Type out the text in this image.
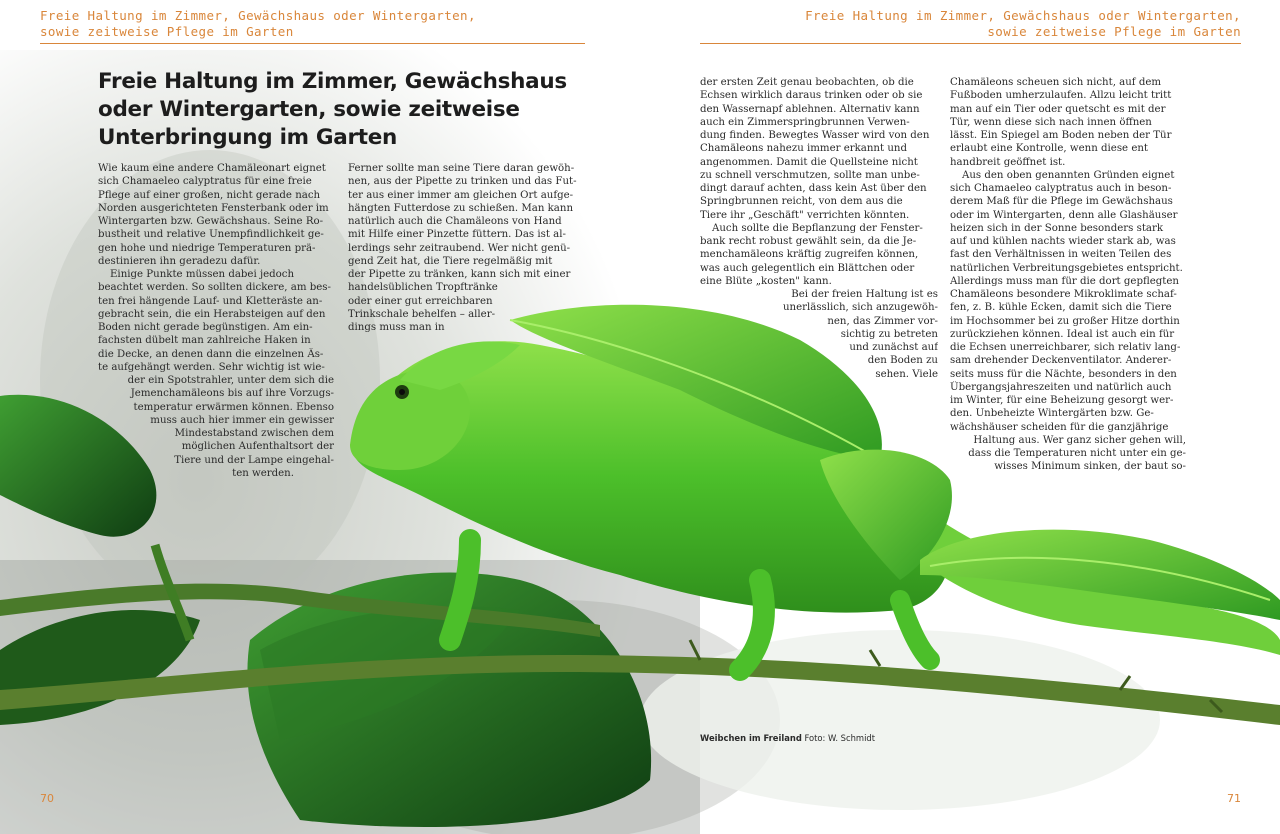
Freie Haltung im Zimmer, Gewächshaus oder Wintergarten,
sowie zeitweise Pflege im Garten
Freie Haltung im Zimmer, Gewächshaus oder Wintergarten,
sowie zeitweise Pflege im Garten
Freie Haltung im Zimmer, Gewächshaus
oder Wintergarten, sowie zeitweise
Unterbringung im Garten
Wie kaum eine andere Chamäleonart eignet
sich Chamaeleo calyptratus für eine freie
Pflege auf einer großen, nicht gerade nach
Norden ausgerichteten Fensterbank oder im
Wintergarten bzw. Gewächshaus. Seine Ro-
bustheit und relative Unempfindlichkeit ge-
gen hohe und niedrige Temperaturen prä-
destinieren ihn geradezu dafür.
Einige Punkte müssen dabei jedoch
beachtet werden. So sollten dickere, am bes-
ten frei hängende Lauf- und Kletteräste an-
gebracht sein, die ein Herabsteigen auf den
Boden nicht gerade begünstigen. Am ein-
fachsten dübelt man zahlreiche Haken in
die Decke, an denen dann die einzelnen Äs-
te aufgehängt werden. Sehr wichtig ist wie-
der ein Spotstrahler, unter dem sich die
Jemenchamäleons bis auf ihre Vorzugs-
temperatur erwärmen können. Ebenso
muss auch hier immer ein gewisser
Mindestabstand zwischen dem
möglichen Aufenthaltsort der
Tiere und der Lampe eingehal-
ten werden.
Ferner sollte man seine Tiere daran gewöh-
nen, aus der Pipette zu trinken und das Fut-
ter aus einer immer am gleichen Ort aufge-
hängten Futterdose zu schießen. Man kann
natürlich auch die Chamäleons von Hand
mit Hilfe einer Pinzette füttern. Das ist al-
lerdings sehr zeitraubend. Wer nicht genü-
gend Zeit hat, die Tiere regelmäßig mit
der Pipette zu tränken, kann sich mit einer
handelsüblichen Tropftränke
oder einer gut erreichbaren
Trinkschale behelfen – aller-
dings muss man in
der ersten Zeit genau beobachten, ob die
Echsen wirklich daraus trinken oder ob sie
den Wassernapf ablehnen. Alternativ kann
auch ein Zimmerspringbrunnen Verwen-
dung finden. Bewegtes Wasser wird von den
Chamäleons nahezu immer erkannt und
angenommen. Damit die Quellsteine nicht
zu schnell verschmutzen, sollte man unbe-
dingt darauf achten, dass kein Ast über den
Springbrunnen reicht, von dem aus die
Tiere ihr „Geschäft" verrichten könnten.
Auch sollte die Bepflanzung der Fenster-
bank recht robust gewählt sein, da die Je-
menchamäleons kräftig zugreifen können,
was auch gelegentlich ein Blättchen oder
eine Blüte „kosten" kann.
Bei der freien Haltung ist es
unerlässlich, sich anzugewöh-
nen, das Zimmer vor-
sichtig zu betreten
und zunächst auf
den Boden zu
sehen. Viele
Chamäleons scheuen sich nicht, auf dem
Fußboden umherzulaufen. Allzu leicht tritt
man auf ein Tier oder quetscht es mit der
Tür, wenn diese sich nach innen öffnen
lässt. Ein Spiegel am Boden neben der Tür
erlaubt eine Kontrolle, wenn diese ent
handbreit geöffnet ist.
Aus den oben genannten Gründen eignet
sich Chamaeleo calyptratus auch in beson-
derem Maß für die Pflege im Gewächshaus
oder im Wintergarten, denn alle Glashäuser
heizen sich in der Sonne besonders stark
auf und kühlen nachts wieder stark ab, was
fast den Verhältnissen in weiten Teilen des
natürlichen Verbreitungsgebietes entspricht.
Allerdings muss man für die dort gepflegten
Chamäleons besondere Mikroklimate schaf-
fen, z. B. kühle Ecken, damit sich die Tiere
im Hochsommer bei zu großer Hitze dorthin
zurückziehen können. Ideal ist auch ein für
die Echsen unerreichbarer, sich relativ lang-
sam drehender Deckenventilator. Anderer-
seits muss für die Nächte, besonders in den
Übergangsjahreszeiten und natürlich auch
im Winter, für eine Beheizung gesorgt wer-
den. Unbeheizte Wintergärten bzw. Ge-
wächshäuser scheiden für die ganzjährige
Haltung aus. Wer ganz sicher gehen will,
dass die Temperaturen nicht unter ein ge-
wisses Minimum sinken, der baut so-
Weibchen im Freiland Foto: W. Schmidt
70	71
